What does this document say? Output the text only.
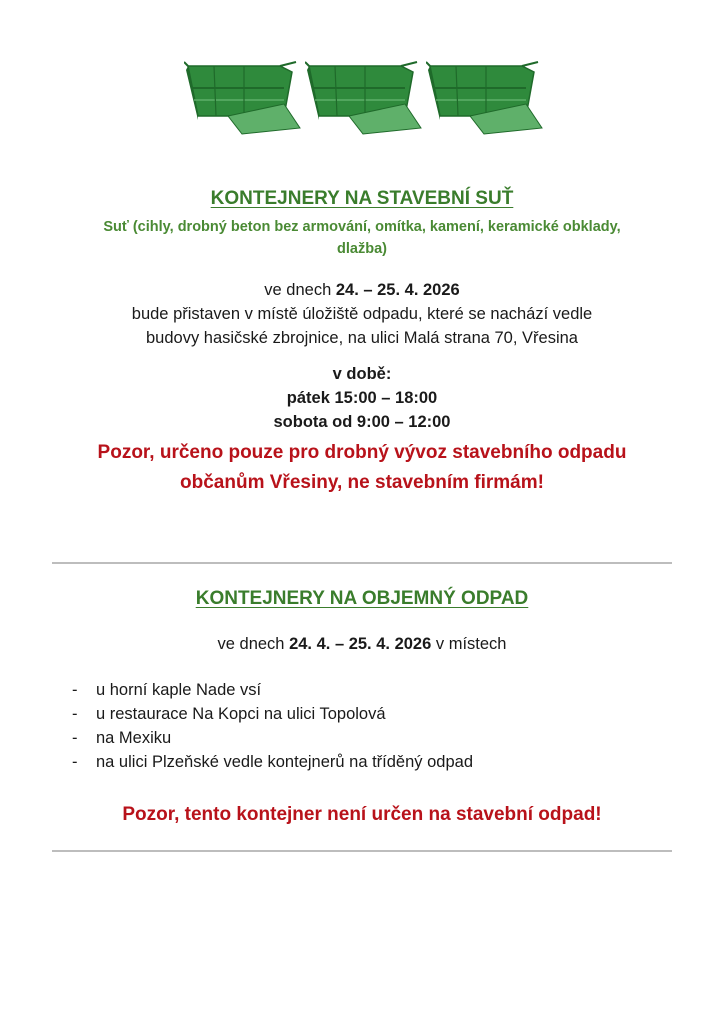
KONTEJNERY NA STAVEBNÍ SUŤ

Suť (cihly, drobný beton bez armování, omítka, kamení, keramické obklady,
dlažba)

ve dnech 24. – 25. 4. 2026

bude přistaven v místě úložiště odpadu, které se nachází vedle
budovy hasičské zbrojnice, na ulici Malá strana 70, Vřesina

v době:
pátek 15:00 – 18:00
sobota od 9:00 – 12:00

Pozor, určeno pouze pro drobný vývoz stavebního odpadu
občanům Vřesiny, ne stavebním firmám!

KONTEJNERY NA OBJEMNÝ ODPAD

ve dnech 24. 4. – 25. 4. 2026 v místech

-	u horní kaple Nade vsí
-	u restaurace Na Kopci na ulici Topolová
-	na Mexiku
-	na ulici Plzeňské vedle kontejnerů na tříděný odpad

Pozor, tento kontejner není určen na stavební odpad!
